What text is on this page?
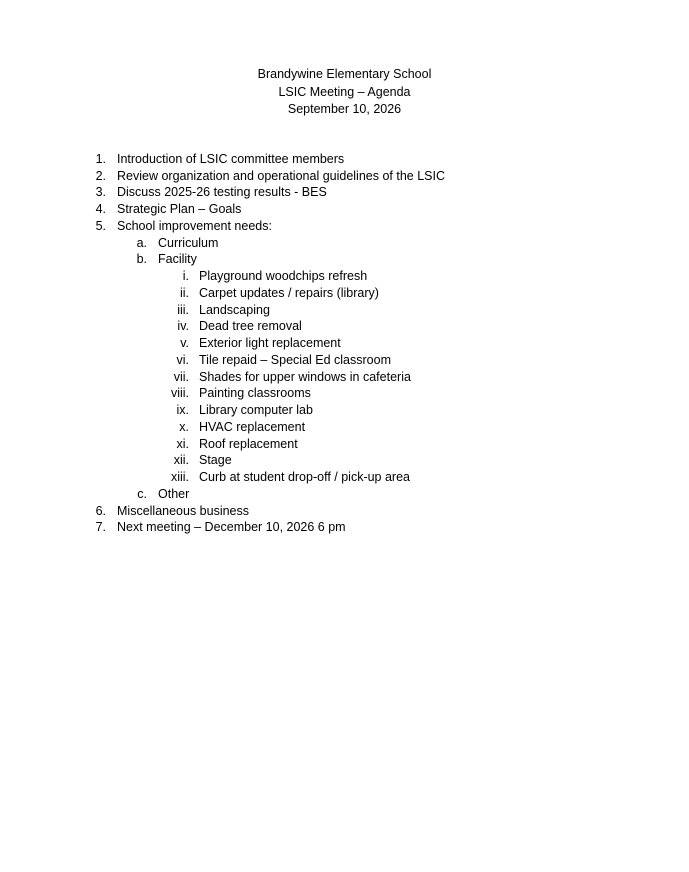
Brandywine Elementary School
LSIC Meeting – Agenda
September 10, 2026
1. Introduction of LSIC committee members
2. Review organization and operational guidelines of the LSIC
3. Discuss 2025-26 testing results - BES
4. Strategic Plan – Goals
5. School improvement needs:
a. Curriculum
b. Facility
i. Playground woodchips refresh
ii. Carpet updates / repairs (library)
iii. Landscaping
iv. Dead tree removal
v. Exterior light replacement
vi. Tile repaid – Special Ed classroom
vii. Shades for upper windows in cafeteria
viii. Painting classrooms
ix. Library computer lab
x. HVAC replacement
xi. Roof replacement
xii. Stage
xiii. Curb at student drop-off / pick-up area
c. Other
6. Miscellaneous business
7. Next meeting – December 10, 2026 6 pm
